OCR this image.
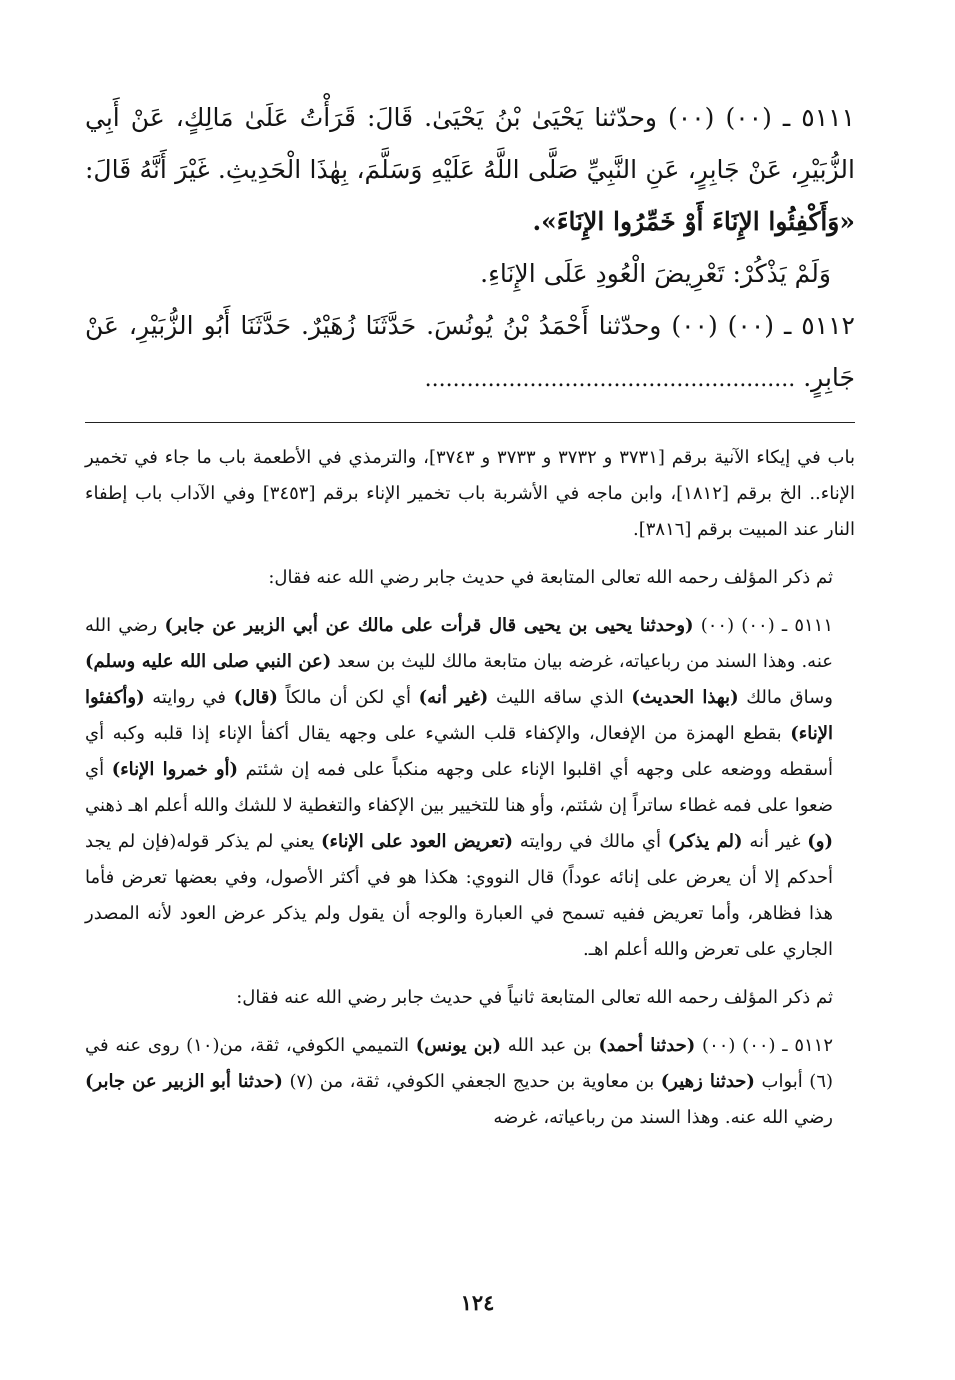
٥١١١ ـ (٠٠) (٠٠) وحدّثنا يَحْيَىٰ بْنُ يَحْيَىٰ. قَالَ: قَرَأْتُ عَلَىٰ مَالِكٍ، عَنْ أَبِي الزُّبَيْرِ، عَنْ جَابِرٍ، عَنِ النَّبِيِّ صَلَّى اللَّهُ عَلَيْهِ وَسَلَّمَ، بِهٰذَا الْحَدِيثِ. غَيْرَ أَنَّهُ قَالَ: «وَأَكْفِئُوا الإِنَاءَ أَوْ خَمِّرُوا الإِنَاءَ».

وَلَمْ يَذْكُرْ: تَعْرِيضَ الْعُودِ عَلَى الإِنَاءِ.

٥١١٢ ـ (٠٠) (٠٠) وحدّثنا أَحْمَدُ بْنُ يُونُسَ. حَدَّثَنَا زُهَيْرٌ. حَدَّثَنَا أَبُو الزُّبَيْرِ، عَنْ جَابِرٍ. .....................................................

باب في إيكاء الآنية برقم [٣٧٣١ و ٣٧٣٢ و ٣٧٣٣ و ٣٧٤٣]، والترمذي في الأطعمة باب ما جاء في تخمير الإناء.. الخ برقم [١٨١٢]، وابن ماجه في الأشربة باب تخمير الإناء برقم [٣٤٥٣] وفي الآداب باب إطفاء النار عند المبيت برقم [٣٨١٦].

ثم ذكر المؤلف رحمه الله تعالى المتابعة في حديث جابر رضي الله عنه فقال:

٥١١١ ـ (٠٠) (٠٠) (وحدثنا يحيى بن يحيى قال قرأت على مالك عن أبي الزبير عن جابر) رضي الله عنه. وهذا السند من رباعياته، غرضه بيان متابعة مالك لليث بن سعد (عن النبي صلى الله عليه وسلم) وساق مالك (بهذا الحديث) الذي ساقه الليث (غير أنه) أي لكن أن مالكاً (قال) في روايته (وأكفئوا الإناء) بقطع الهمزة من الإفعال، والإكفاء قلب الشيء على وجهه يقال أكفأ الإناء إذا قلبه وكبه أي أسقطه ووضعه على وجهه أي اقلبوا الإناء على وجهه منكباً على فمه إن شئتم (أو خمروا الإناء) أي ضعوا على فمه غطاء ساتراً إن شئتم، وأو هنا للتخيير بين الإكفاء والتغطية لا للشك والله أعلم اهـ ذهني (و) غير أنه (لم يذكر) أي مالك في روايته (تعريض العود على الإناء) يعني لم يذكر قوله(فإن لم يجد أحدكم إلا أن يعرض على إنائه عوداً) قال النووي: هكذا هو في أكثر الأصول، وفي بعضها تعرض فأما هذا فظاهر، وأما تعريض ففيه تسمح في العبارة والوجه أن يقول ولم يذكر عرض العود لأنه المصدر الجاري على تعرض والله أعلم اهـ.

ثم ذكر المؤلف رحمه الله تعالى المتابعة ثانياً في حديث جابر رضي الله عنه فقال:

٥١١٢ ـ (٠٠) (٠٠) (حدثنا أحمد) بن عبد الله (بن يونس) التميمي الكوفي، ثقة، من(١٠) روى عنه في (٦) أبواب (حدثنا زهير) بن معاوية بن حديج الجعفي الكوفي، ثقة، من (٧) (حدثنا أبو الزبير عن جابر) رضي الله عنه. وهذا السند من رباعياته، غرضه

١٢٤
